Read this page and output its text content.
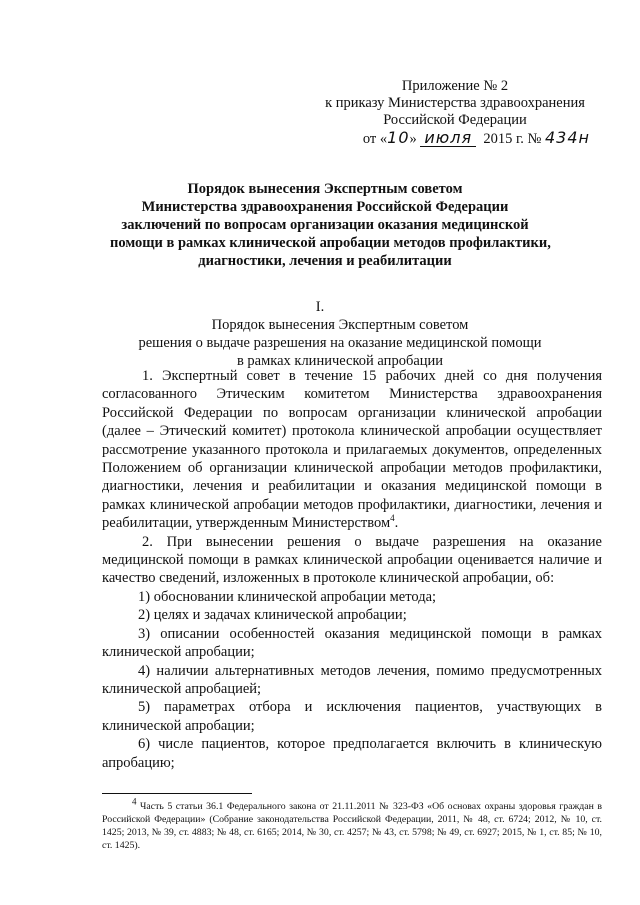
Приложение № 2
к приказу Министерства здравоохранения
Российской Федерации
от «10» июля 2015 г. № 434н
Порядок вынесения Экспертным советом
Министерства здравоохранения Российской Федерации
заключений по вопросам организации оказания медицинской
помощи в рамках клинической апробации методов профилактики,
диагностики, лечения и реабилитации
I.
Порядок вынесения Экспертным советом
решения о выдаче разрешения на оказание медицинской помощи
в рамках клинической апробации

1. Экспертный совет в течение 15 рабочих дней со дня получения согласованного Этическим комитетом Министерства здравоохранения Российской Федерации по вопросам организации клинической апробации (далее – Этический комитет) протокола клинической апробации осуществляет рассмотрение указанного протокола и прилагаемых документов, определенных Положением об организации клинической апробации методов профилактики, диагностики, лечения и реабилитации и оказания медицинской помощи в рамках клинической апробации методов профилактики, диагностики, лечения и реабилитации, утвержденным Министерством$^4$.

2. При вынесении решения о выдаче разрешения на оказание медицинской помощи в рамках клинической апробации оценивается наличие и качество сведений, изложенных в протоколе клинической апробации, об:

1) обосновании клинической апробации метода;

2) целях и задачах клинической апробации;

3) описании особенностей оказания медицинской помощи в рамках клинической апробации;

4) наличии альтернативных методов лечения, помимо предусмотренных клинической апробацией;

5) параметрах отбора и исключения пациентов, участвующих в клинической апробации;

6) числе пациентов, которое предполагается включить в клиническую апробацию;

$^4$ Часть 5 статьи 36.1 Федерального закона от 21.11.2011 № 323-ФЗ «Об основах охраны здоровья граждан в Российской Федерации» (Собрание законодательства Российской Федерации, 2011, № 48, ст. 6724; 2012, № 10, ст. 1425; 2013, № 39, ст. 4883; № 48, ст. 6165; 2014, № 30, ст. 4257; № 43, ст. 5798; № 49, ст. 6927; 2015, № 1, ст. 85; № 10, ст. 1425).
